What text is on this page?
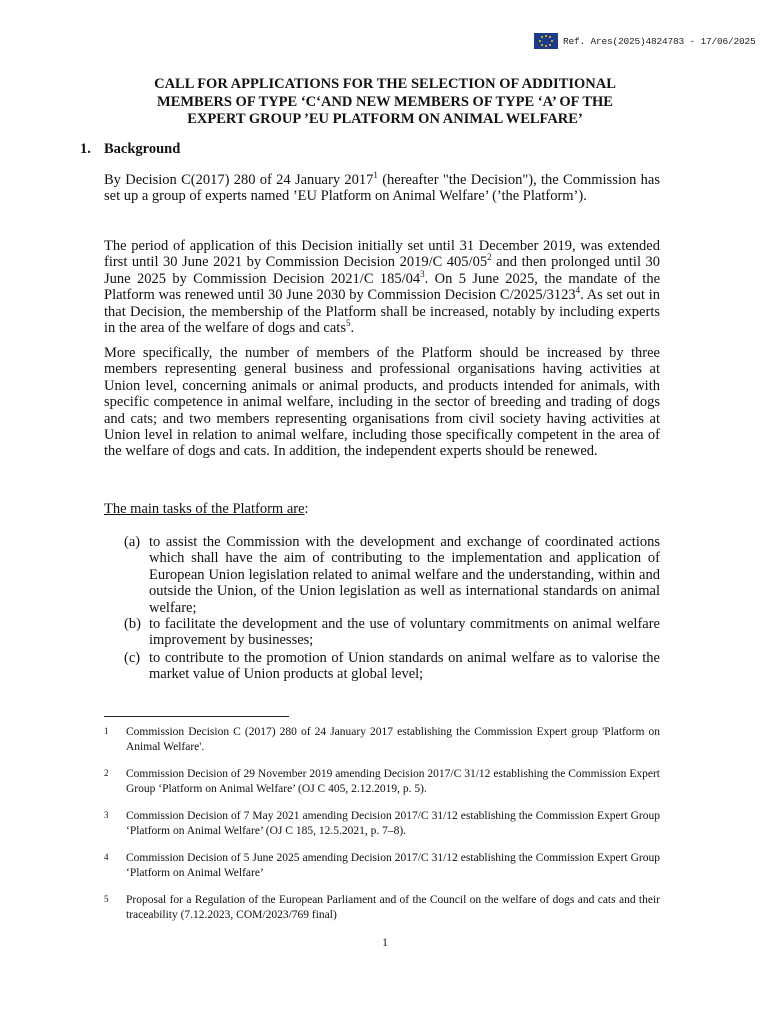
Ref. Ares(2025)4824783 - 17/06/2025
CALL FOR APPLICATIONS FOR THE SELECTION OF ADDITIONAL
MEMBERS OF TYPE ‘C‘AND NEW MEMBERS OF TYPE ‘A’ OF THE
EXPERT GROUP ’EU PLATFORM ON ANIMAL WELFARE’
1. Background
By Decision C(2017) 280 of 24 January 2017$^1$ (hereafter "the Decision"), the Commission has set up a group of experts named ’EU Platform on Animal Welfare’ (’the Platform’).
The period of application of this Decision initially set until 31 December 2019, was extended first until 30 June 2021 by Commission Decision 2019/C $405/05^2$ and then prolonged until 30 June 2025 by Commission Decision 2021/C $185/04^3$. On 5 June 2025, the mandate of the Platform was renewed until 30 June 2030 by Commission Decision C/2025/3123$^4$. As set out in that Decision, the membership of the Platform shall be increased, notably by including experts in the area of the welfare of dogs and cats$^5$.
More specifically, the number of members of the Platform should be increased by three members representing general business and professional organisations having activities at Union level, concerning animals or animal products, and products intended for animals, with specific competence in animal welfare, including in the sector of breeding and trading of dogs and cats; and two members representing organisations from civil society having activities at Union level in relation to animal welfare, including those specifically competent in the area of the welfare of dogs and cats. In addition, the independent experts should be renewed.
The main tasks of the Platform are:
(a) to assist the Commission with the development and exchange of coordinated actions which shall have the aim of contributing to the implementation and application of European Union legislation related to animal welfare and the understanding, within and outside the Union, of the Union legislation as well as international standards on animal welfare;
(b) to facilitate the development and the use of voluntary commitments on animal welfare improvement by businesses;
(c) to contribute to the promotion of Union standards on animal welfare as to valorise the market value of Union products at global level;
1	Commission Decision C (2017) 280 of 24 January 2017 establishing the Commission Expert group 'Platform on Animal Welfare'.
2	Commission Decision of 29 November 2019 amending Decision 2017/C 31/12 establishing the Commission Expert Group ‘Platform on Animal Welfare’ (OJ C 405, 2.12.2019, p. 5).
3	Commission Decision of 7 May 2021 amending Decision 2017/C 31/12 establishing the Commission Expert Group ‘Platform on Animal Welfare’ (OJ C 185, 12.5.2021, p. 7–8).
4	Commission Decision of 5 June 2025 amending Decision 2017/C 31/12 establishing the Commission Expert Group ‘Platform on Animal Welfare’
5	Proposal for a Regulation of the European Parliament and of the Council on the welfare of dogs and cats and their traceability (7.12.2023, COM/2023/769 final)
1
